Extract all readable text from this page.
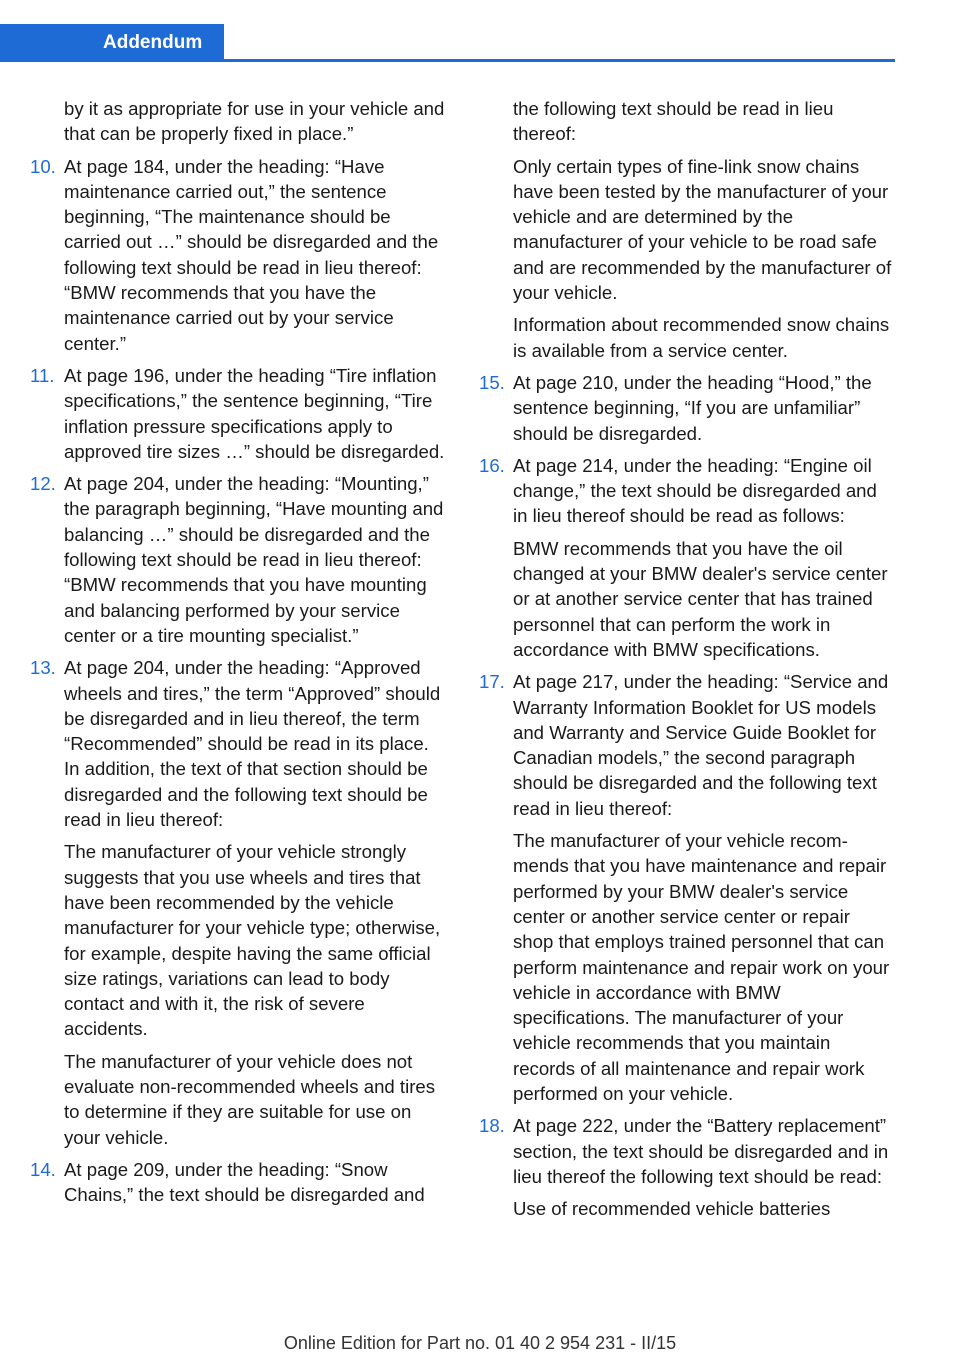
Addendum

by it as appropriate for use in your vehicle and that can be properly fixed in place.”

10. At page 184, under the heading: “Have maintenance carried out,” the sentence beginning, “The maintenance should be carried out …” should be disregarded and the following text should be read in lieu thereof: “BMW recommends that you have the maintenance carried out by your service center.”
11. At page 196, under the heading “Tire inflation specifications,” the sentence beginning, “Tire inflation pressure specifications apply to approved tire sizes …” should be disregarded.
12. At page 204, under the heading: “Mounting,” the paragraph beginning, “Have mounting and balancing …” should be disregarded and the following text should be read in lieu thereof: “BMW recommends that you have mounting and balancing performed by your service center or a tire mounting specialist.”
13. At page 204, under the heading: “Approved wheels and tires,” the term “Approved” should be disregarded and in lieu thereof, the term “Recommended” should be read in its place. In addition, the text of that section should be disregarded and the following text should be read in lieu thereof:

The manufacturer of your vehicle strongly suggests that you use wheels and tires that have been recommended by the vehicle manufacturer for your vehicle type; otherwise, for example, despite having the same official size ratings, variations can lead to body contact and with it, the risk of severe accidents.

The manufacturer of your vehicle does not evaluate non-recommended wheels and tires to determine if they are suitable for use on your vehicle.

14. At page 209, under the heading: “Snow Chains,” the text should be disregarded and

the following text should be read in lieu thereof:

Only certain types of fine-link snow chains have been tested by the manufacturer of your vehicle and are determined by the manufacturer of your vehicle to be road safe and are recommended by the manufacturer of your vehicle.

Information about recommended snow chains is available from a service center.

15. At page 210, under the heading “Hood,” the sentence beginning, “If you are unfamiliar” should be disregarded.
16. At page 214, under the heading: “Engine oil change,” the text should be disregarded and in lieu thereof should be read as follows:

BMW recommends that you have the oil changed at your BMW dealer's service center or at another service center that has trained personnel that can perform the work in accordance with BMW specifications.

17. At page 217, under the heading: “Service and Warranty Information Booklet for US models and Warranty and Service Guide Booklet for Canadian models,” the second paragraph should be disregarded and the following text read in lieu thereof:

The manufacturer of your vehicle recommends that you have maintenance and repair performed by your BMW dealer's service center or another service center or repair shop that employs trained personnel that can perform maintenance and repair work on your vehicle in accordance with BMW specifications. The manufacturer of your vehicle recommends that you maintain records of all maintenance and repair work performed on your vehicle.

18. At page 222, under the “Battery replacement” section, the text should be disregarded and in lieu thereof the following text should be read:

Use of recommended vehicle batteries

Online Edition for Part no. 01 40 2 954 231 - II/15
